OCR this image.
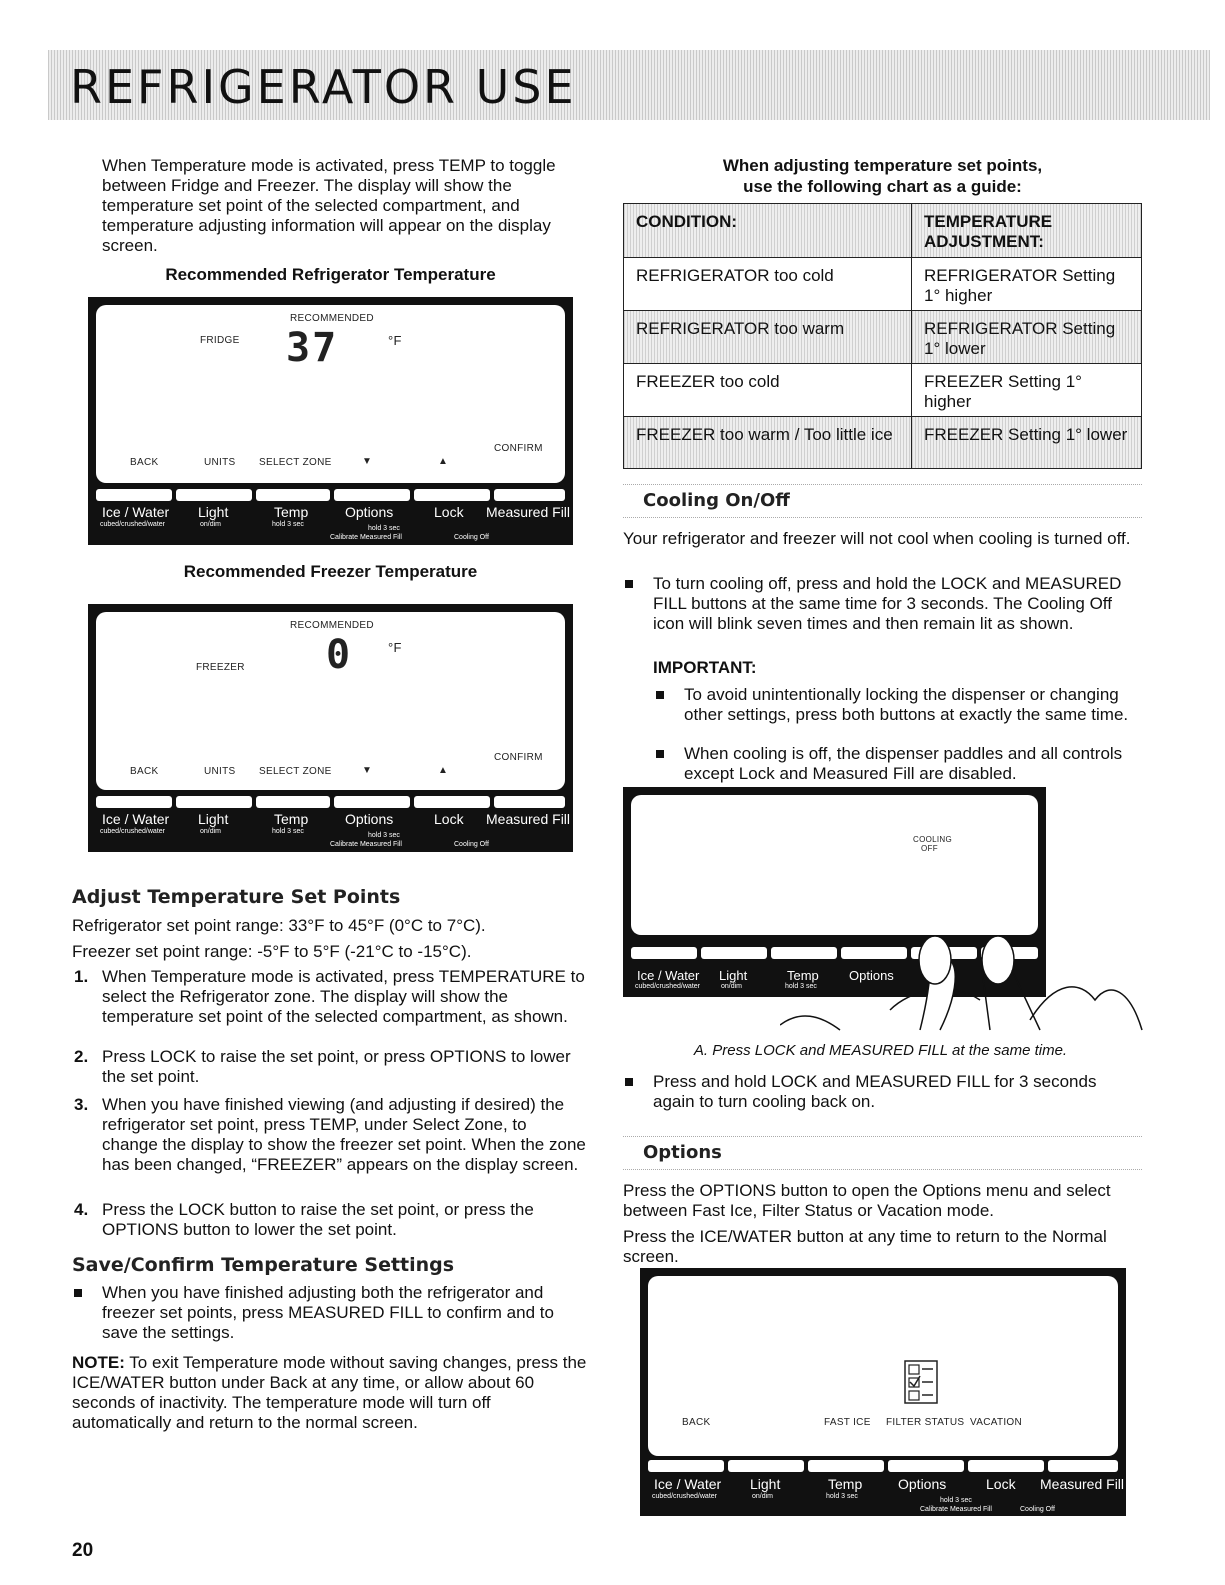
REFRIGERATOR USE
When Temperature mode is activated, press TEMP to toggle between Fridge and Freezer. The display will show the temperature set point of the selected compartment, and temperature adjusting information will appear on the display screen.
Recommended Refrigerator Temperature
RECOMMENDED
FRIDGE 37	°F
CONFIRM
BACK	UNITS SELECT ZONE	▼	▲
Ice / Water
cubed/crushed/water
Light
on/dim
Temp
hold 3 sec
Options	Lock Measured Fill
hold 3 sec
Calibrate Measured Fill	Cooling Off
Recommended Freezer Temperature
RECOMMENDED
FREEZER 0	°F
CONFIRM
BACK	UNITS SELECT ZONE	▼	▲
Ice / Water
cubed/crushed/water
Light
on/dim
Temp
hold 3 sec
Options	Lock Measured Fill
hold 3 sec
Calibrate Measured Fill	Cooling Off
Adjust Temperature Set Points
Refrigerator set point range: 33°F to 45°F (0°C to 7°C).
Freezer set point range: -5°F to 5°F (-21°C to -15°C).
1. When Temperature mode is activated, press TEMPERATURE to select the Refrigerator zone. The display will show the temperature set point of the selected compartment, as shown.
2. Press LOCK to raise the set point, or press OPTIONS to lower the set point.
3. When you have finished viewing (and adjusting if desired) the refrigerator set point, press TEMP, under Select Zone, to change the display to show the freezer set point. When the zone has been changed, “FREEZER” appears on the display screen.
4. Press the LOCK button to raise the set point, or press the OPTIONS button to lower the set point.
Save/Confirm Temperature Settings
When you have finished adjusting both the refrigerator and freezer set points, press MEASURED FILL to confirm and to save the settings.
NOTE: To exit Temperature mode without saving changes, press the ICE/WATER button under Back at any time, or allow about 60 seconds of inactivity. The temperature mode will turn off automatically and return to the normal screen.
20
When adjusting temperature set points,
use the following chart as a guide:
CONDITION:	TEMPERATURE ADJUSTMENT:
REFRIGERATOR too cold	REFRIGERATOR Setting 1° higher
REFRIGERATOR too warm	REFRIGERATOR Setting 1° lower
FREEZER too cold	FREEZER Setting 1° higher
FREEZER too warm / Too little ice	FREEZER Setting 1° lower
Cooling On/Off
Your refrigerator and freezer will not cool when cooling is turned off.
To turn cooling off, press and hold the LOCK and MEASURED FILL buttons at the same time for 3 seconds. The Cooling Off icon will blink seven times and then remain lit as shown.
IMPORTANT:
To avoid unintentionally locking the dispenser or changing other settings, press both buttons at exactly the same time.
When cooling is off, the dispenser paddles and all controls except Lock and Measured Fill are disabled.
COOLING
OFF
Ice / Water
cubed/crushed/water
Light
on/dim
Temp
hold 3 sec
Options
A. Press LOCK and MEASURED FILL at the same time.
Press and hold LOCK and MEASURED FILL for 3 seconds again to turn cooling back on.
Options
Press the OPTIONS button to open the Options menu and select between Fast Ice, Filter Status or Vacation mode.
Press the ICE/WATER button at any time to return to the Normal screen.
BACK	FAST ICE FILTER STATUS VACATION
Ice / Water
cubed/crushed/water
Light
on/dim
Temp
hold 3 sec
Options	Lock Measured Fill
hold 3 sec
Calibrate Measured Fill	Cooling Off
